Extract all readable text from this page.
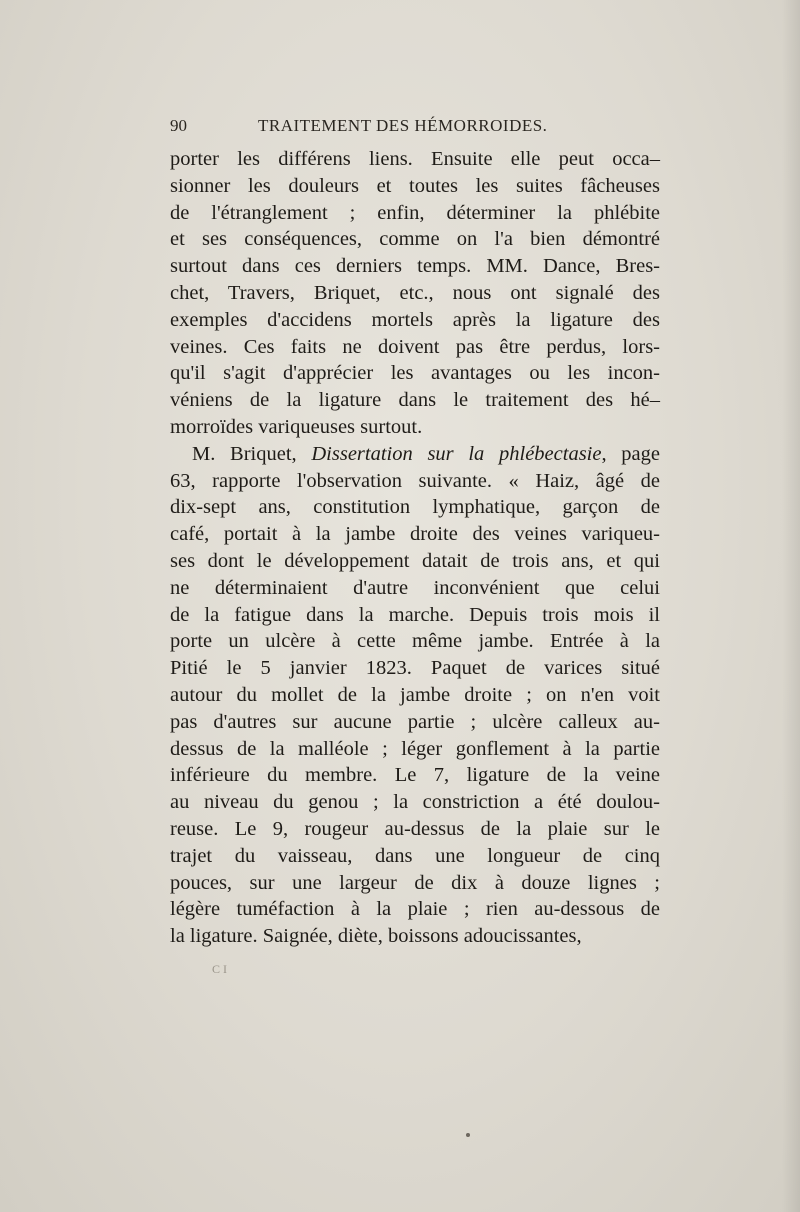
90	TRAITEMENT DES HÉMORROIDES.
porter les différens liens. Ensuite elle peut occa–
sionner les douleurs et toutes les suites fâcheuses
de l'étranglement ; enfin, déterminer la phlébite
et ses conséquences, comme on l'a bien démontré
surtout dans ces derniers temps. MM. Dance, Bres-
chet, Travers, Briquet, etc., nous ont signalé des
exemples d'accidens mortels après la ligature des
veines. Ces faits ne doivent pas être perdus, lors-
qu'il s'agit d'apprécier les avantages ou les incon-
véniens de la ligature dans le traitement des hé–
morroïdes variqueuses surtout.
M. Briquet, Dissertation sur la phlébectasie, page
63, rapporte l'observation suivante. « Haiz, âgé de
dix-sept ans, constitution lymphatique, garçon de
café, portait à la jambe droite des veines variqueu-
ses dont le développement datait de trois ans, et qui
ne déterminaient d'autre inconvénient que celui
de la fatigue dans la marche. Depuis trois mois il
porte un ulcère à cette même jambe. Entrée à la
Pitié le 5 janvier 1823. Paquet de varices situé
autour du mollet de la jambe droite ; on n'en voit
pas d'autres sur aucune partie ; ulcère calleux au-
dessus de la malléole ; léger gonflement à la partie
inférieure du membre. Le 7, ligature de la veine
au niveau du genou ; la constriction a été doulou-
reuse. Le 9, rougeur au-dessus de la plaie sur le
trajet du vaisseau, dans une longueur de cinq
pouces, sur une largeur de dix à douze lignes ;
légère tuméfaction à la plaie ; rien au-dessous de
la ligature. Saignée, diète, boissons adoucissantes,
C I
